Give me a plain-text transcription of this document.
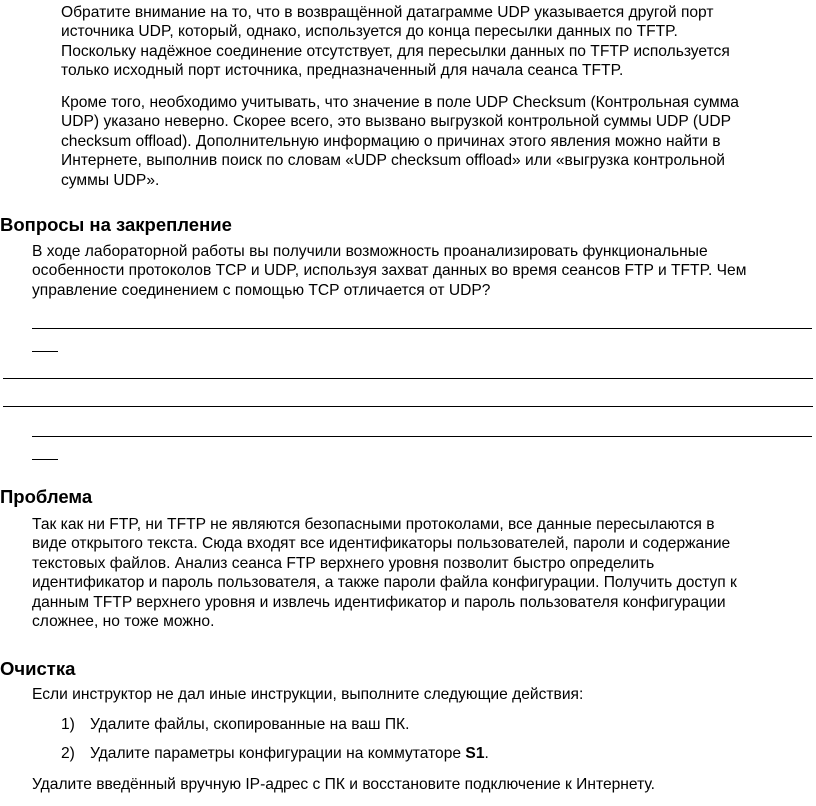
Обратите внимание на то, что в возвращённой датаграмме UDP указывается другой порт
источника UDP, который, однако, используется до конца пересылки данных по TFTP.
Поскольку надёжное соединение отсутствует, для пересылки данных по TFTP используется
только исходный порт источника, предназначенный для начала сеанса TFTP.
Кроме того, необходимо учитывать, что значение в поле UDP Checksum (Контрольная сумма
UDP) указано неверно. Скорее всего, это вызвано выгрузкой контрольной суммы UDP (UDP
checksum offload). Дополнительную информацию о причинах этого явления можно найти в
Интернете, выполнив поиск по словам «UDP checksum offload» или «выгрузка контрольной
суммы UDP».
Вопросы на закрепление
В ходе лабораторной работы вы получили возможность проанализировать функциональные
особенности протоколов TCP и UDP, используя захват данных во время сеансов FTP и TFTP. Чем
управление соединением с помощью TCP отличается от UDP?
Проблема
Так как ни FTP, ни TFTP не являются безопасными протоколами, все данные пересылаются в
виде открытого текста. Сюда входят все идентификаторы пользователей, пароли и содержание
текстовых файлов. Анализ сеанса FTP верхнего уровня позволит быстро определить
идентификатор и пароль пользователя, а также пароли файла конфигурации. Получить доступ к
данным TFTP верхнего уровня и извлечь идентификатор и пароль пользователя конфигурации
сложнее, но тоже можно.
Очистка
Если инструктор не дал иные инструкции, выполните следующие действия:
1) Удалите файлы, скопированные на ваш ПК.
2) Удалите параметры конфигурации на коммутаторе S1.
Удалите введённый вручную IP-адрес с ПК и восстановите подключение к Интернету.
